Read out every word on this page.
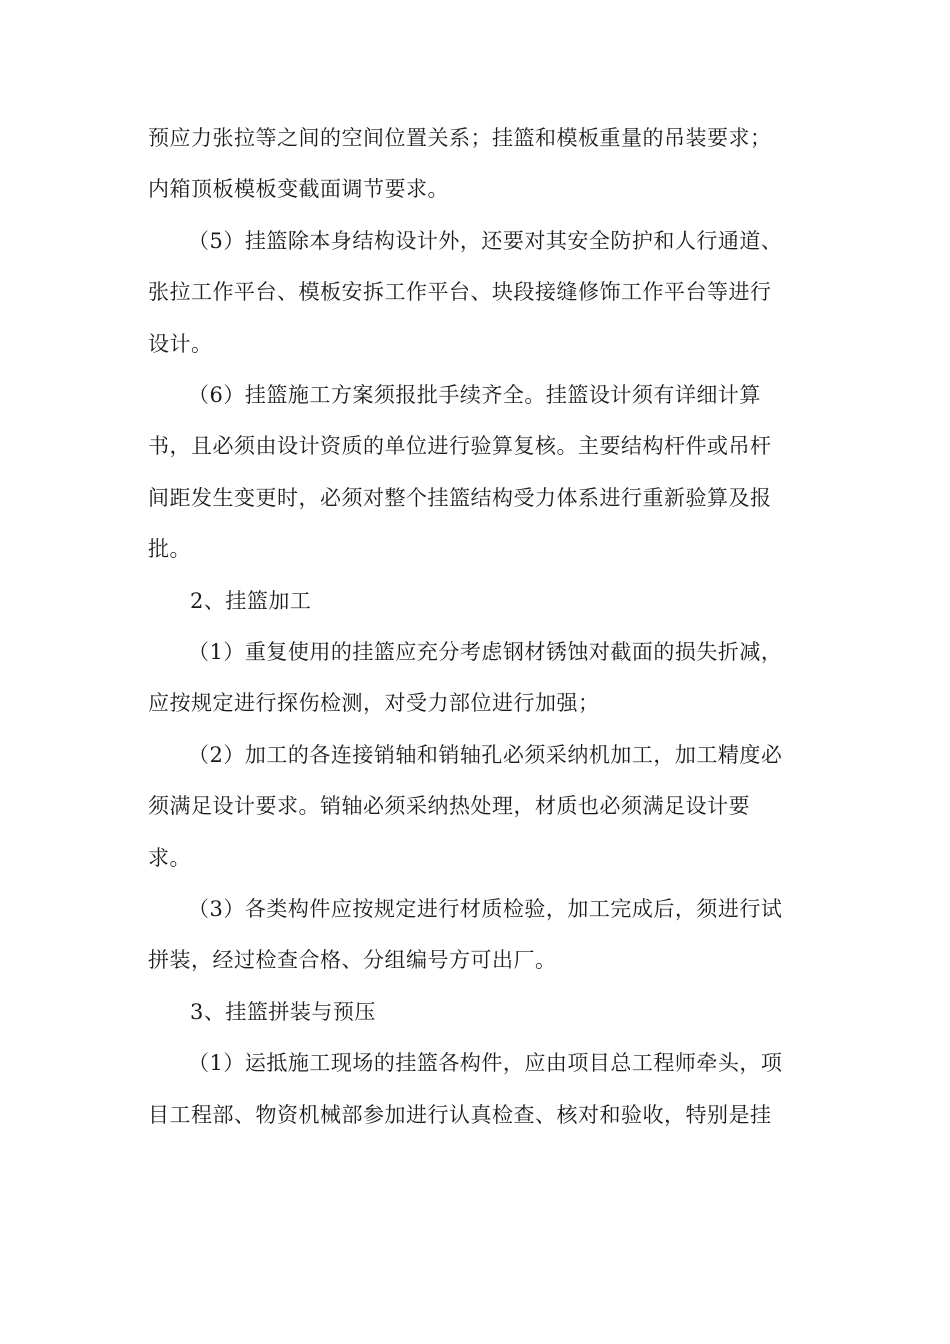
预应力张拉等之间的空间位置关系；挂篮和模板重量的吊装要求；
内箱顶板模板变截面调节要求。
（5）挂篮除本身结构设计外，还要对其安全防护和人行通道、
张拉工作平台、模板安拆工作平台、块段接缝修饰工作平台等进行
设计。
（6）挂篮施工方案须报批手续齐全。挂篮设计须有详细计算
书，且必须由设计资质的单位进行验算复核。主要结构杆件或吊杆
间距发生变更时，必须对整个挂篮结构受力体系进行重新验算及报
批。
2、挂篮加工
（1）重复使用的挂篮应充分考虑钢材锈蚀对截面的损失折减，
应按规定进行探伤检测，对受力部位进行加强；
（2）加工的各连接销轴和销轴孔必须采纳机加工，加工精度必
须满足设计要求。销轴必须采纳热处理，材质也必须满足设计要
求。
（3）各类构件应按规定进行材质检验，加工完成后，须进行试
拼装，经过检查合格、分组编号方可出厂。
3、挂篮拼装与预压
（1）运抵施工现场的挂篮各构件，应由项目总工程师牵头，项
目工程部、物资机械部参加进行认真检查、核对和验收，特别是挂
